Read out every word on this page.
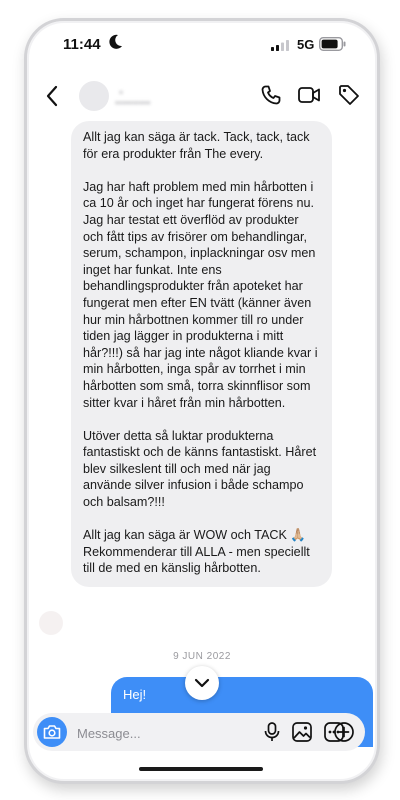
11:44	5G
▪
▪▪▪▪▪▪▪▪▪▪

Allt jag kan säga är tack. Tack, tack, tack för era produkter från The every.

Jag har haft problem med min hårbotten i ca 10 år och inget har fungerat förens nu. Jag har testat ett överflöd av produkter och fått tips av frisörer om behandlingar, serum, schampon, inplackningar osv men inget har funkat. Inte ens behandlingsprodukter från apoteket har fungerat men efter EN tvätt (känner även hur min hårbottnen kommer till ro under tiden jag lägger in produkterna i mitt hår?!!!) så har jag inte något kliande kvar i min hårbotten, inga spår av torrhet i min hårbotten som små, torra skinnflisor som sitter kvar i håret från min hårbotten.

Utöver detta så luktar produkterna fantastiskt och de känns fantastiskt. Håret blev silkeslent till och med när jag använde silver infusion i både schampo och balsam?!!!

Allt jag kan säga är WOW och TACK 🙏🏼 Rekommenderar till ALLA - men speciellt till de med en känslig hårbotten.

9 JUN 2022
Hej!
Message...
